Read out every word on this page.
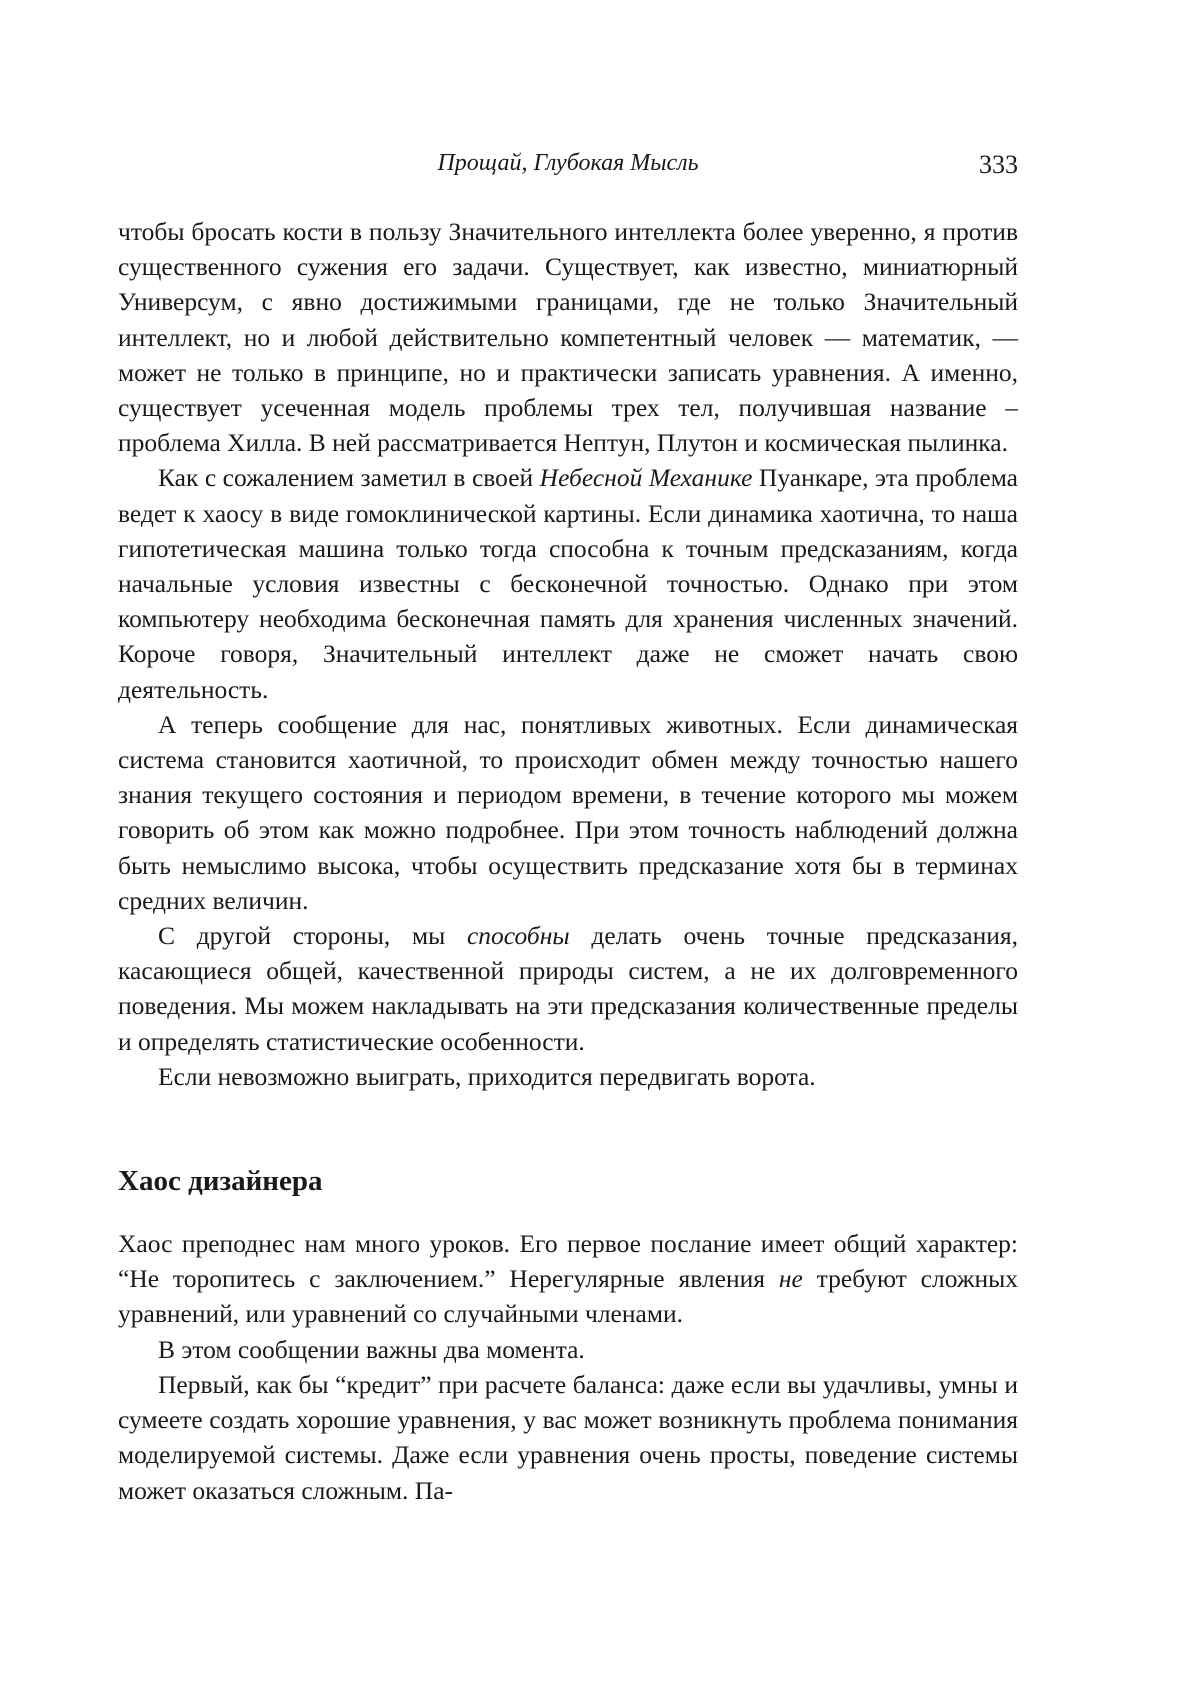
Прощай, Глубокая Мысль	333

чтобы бросать кости в пользу Значительного интеллекта более уверенно, я против существенного сужения его задачи. Существует, как известно, миниатюрный Универсум, с явно достижимыми границами, где не только Значительный интеллект, но и любой действительно компетентный человек — математик, — может не только в принципе, но и практически записать уравнения. А именно, существует усеченная модель проблемы трех тел, получившая название – проблема Хилла. В ней рассматривается Нептун, Плутон и космическая пылинка.

Как с сожалением заметил в своей Небесной Механике Пуанкаре, эта проблема ведет к хаосу в виде гомоклинической картины. Если динамика хаотична, то наша гипотетическая машина только тогда способна к точным предсказаниям, когда начальные условия известны с бесконечной точностью. Однако при этом компьютеру необходима бесконечная память для хранения численных значений. Короче говоря, Значительный интеллект даже не сможет начать свою деятельность.

А теперь сообщение для нас, понятливых животных. Если динамическая система становится хаотичной, то происходит обмен между точностью нашего знания текущего состояния и периодом времени, в течение которого мы можем говорить об этом как можно подробнее. При этом точность наблюдений должна быть немыслимо высока, чтобы осуществить предсказание хотя бы в терминах средних величин.

С другой стороны, мы способны делать очень точные предсказания, касающиеся общей, качественной природы систем, а не их долговременного поведения. Мы можем накладывать на эти предсказания количественные пределы и определять статистические особенности.

Если невозможно выиграть, приходится передвигать ворота.

Хаос дизайнера

Хаос преподнес нам много уроков. Его первое послание имеет общий характер: “Не торопитесь с заключением.” Нерегулярные явления не требуют сложных уравнений, или уравнений со случайными членами.

В этом сообщении важны два момента.

Первый, как бы “кредит” при расчете баланса: даже если вы удачливы, умны и сумеете создать хорошие уравнения, у вас может возникнуть проблема понимания моделируемой системы. Даже если уравнения очень просты, поведение системы может оказаться сложным. Па-
